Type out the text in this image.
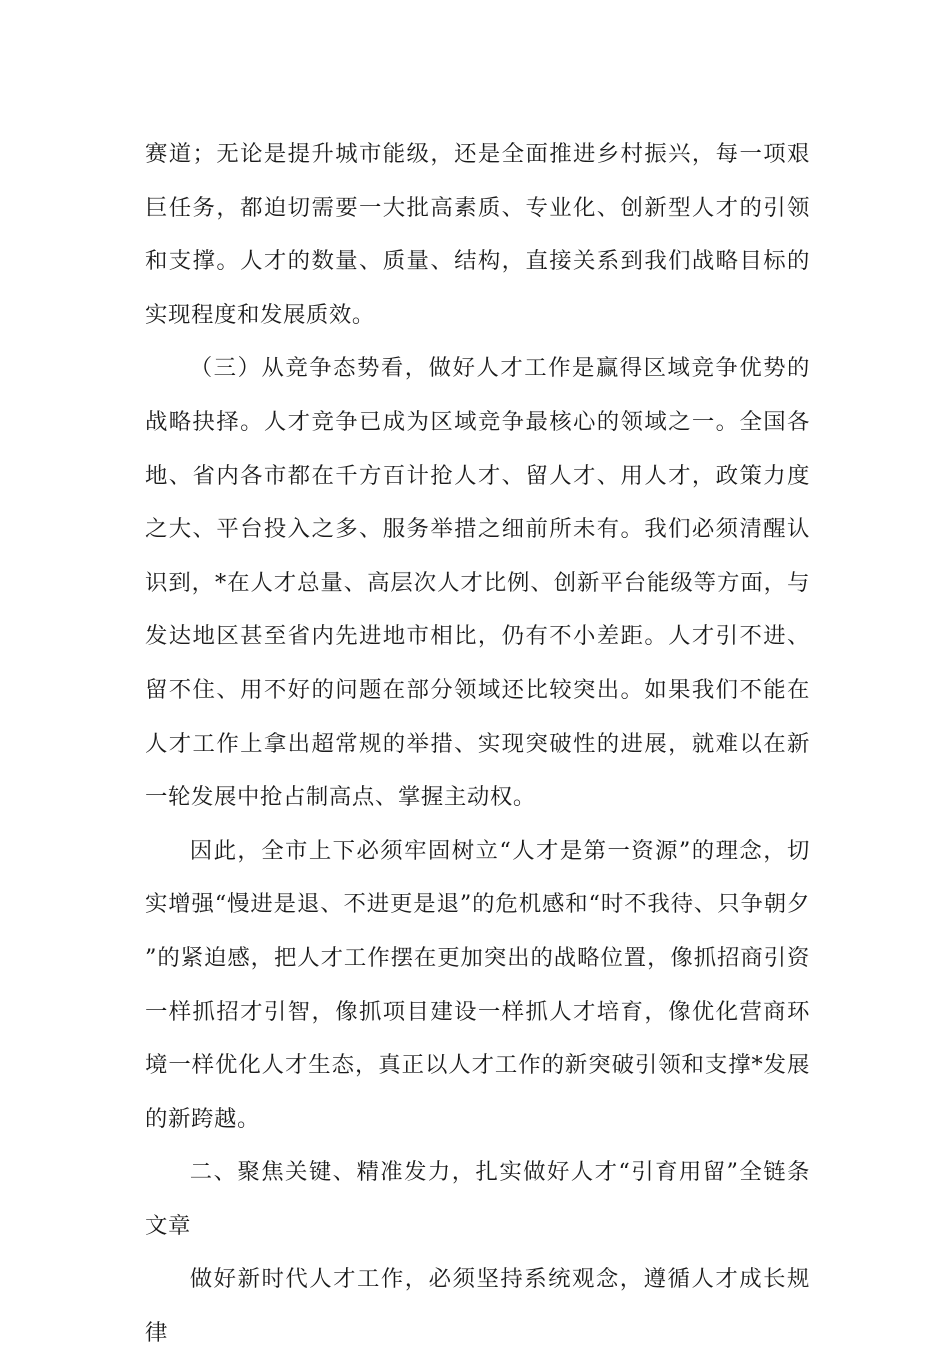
赛道；无论是提升城市能级，还是全面推进乡村振兴，每一项艰巨任务，都迫切需要一大批高素质、专业化、创新型人才的引领和支撑。人才的数量、质量、结构，直接关系到我们战略目标的实现程度和发展质效。

（三）从竞争态势看，做好人才工作是赢得区域竞争优势的战略抉择。人才竞争已成为区域竞争最核心的领域之一。全国各地、省内各市都在千方百计抢人才、留人才、用人才，政策力度之大、平台投入之多、服务举措之细前所未有。我们必须清醒认识到，*在人才总量、高层次人才比例、创新平台能级等方面，与发达地区甚至省内先进地市相比，仍有不小差距。人才引不进、留不住、用不好的问题在部分领域还比较突出。如果我们不能在人才工作上拿出超常规的举措、实现突破性的进展，就难以在新一轮发展中抢占制高点、掌握主动权。

因此，全市上下必须牢固树立“人才是第一资源”的理念，切实增强“慢进是退、不进更是退”的危机感和“时不我待、只争朝夕”的紧迫感，把人才工作摆在更加突出的战略位置，像抓招商引资一样抓招才引智，像抓项目建设一样抓人才培育，像优化营商环境一样优化人才生态，真正以人才工作的新突破引领和支撑*发展的新跨越。

二、聚焦关键、精准发力，扎实做好人才“引育用留”全链条文章

做好新时代人才工作，必须坚持系统观念，遵循人才成长规律
